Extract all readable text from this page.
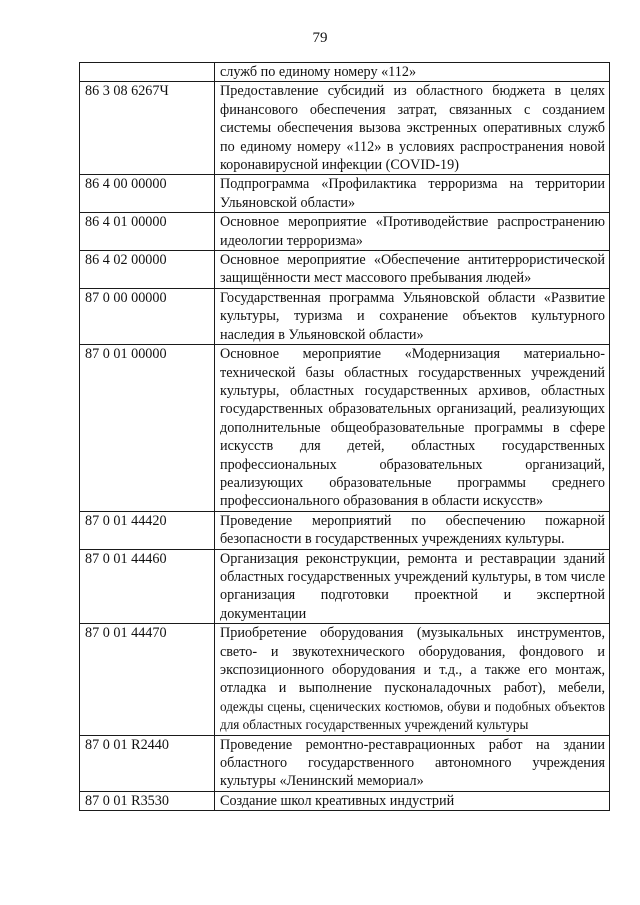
79
	служб по единому номеру «112»
86 3 08 6267Ч	Предоставление субсидий из областного бюджета в целях финансового обеспечения затрат, связанных с созданием системы обеспечения вызова экстренных оперативных служб по единому номеру «112» в условиях распространения новой коронавирусной инфекции (COVID-19)
86 4 00 00000	Подпрограмма «Профилактика терроризма на территории Ульяновской области»
86 4 01 00000	Основное мероприятие «Противодействие распространению идеологии терроризма»
86 4 02 00000	Основное мероприятие «Обеспечение антитеррористической защищённости мест массового пребывания людей»
87 0 00 00000	Государственная программа Ульяновской области «Развитие культуры, туризма и сохранение объектов культурного наследия в Ульяновской области»
87 0 01 00000	Основное мероприятие «Модернизация материально-технической базы областных государственных учреждений культуры, областных государственных архивов, областных государственных образовательных организаций, реализующих дополнительные общеобразовательные программы в сфере искусств для детей, областных государственных профессиональных образовательных организаций, реализующих образовательные программы среднего профессионального образования в области искусств»
87 0 01 44420	Проведение мероприятий по обеспечению пожарной безопасности в государственных учреждениях культуры.
87 0 01 44460	Организация реконструкции, ремонта и реставрации зданий областных государственных учреждений культуры, в том числе организация подготовки проектной и экспертной документации
87 0 01 44470	Приобретение оборудования (музыкальных инструментов, свето- и звукотехнического оборудования, фондового и экспозиционного оборудования и т.д., а также его монтаж, отладка и выполнение пусконаладочных работ), мебели, одежды сцены, сценических костюмов, обуви и подобных объектов для областных государственных учреждений культуры
87 0 01 R2440	Проведение ремонтно-реставрационных работ на здании областного государственного автономного учреждения культуры «Ленинский мемориал»
87 0 01 R3530	Создание школ креативных индустрий
